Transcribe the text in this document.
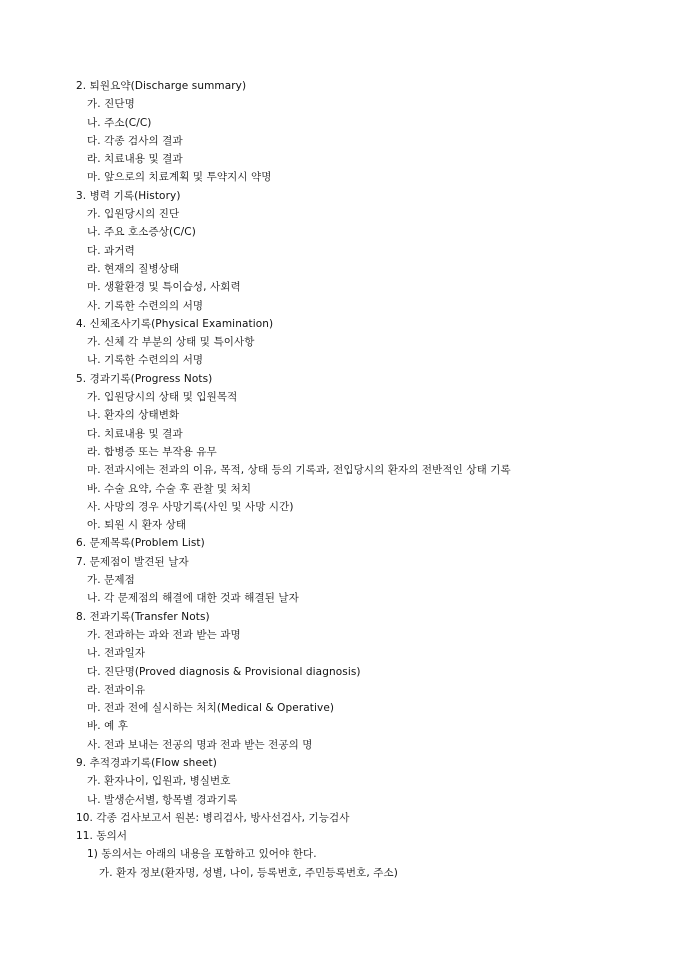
2. 퇴원요약(Discharge summary)
가. 진단명
나. 주소(C/C)
다. 각종 검사의 결과
라. 치료내용 및 결과
마. 앞으로의 치료계획 및 투약지시 약명
3. 병력 기록(History)
가. 입원당시의 진단
나. 주요 호소증상(C/C)
다. 과거력
라. 현재의 질병상태
마. 생활환경 및 특이습성, 사회력
사. 기록한 수련의의 서명
4. 신체조사기록(Physical Examination)
가. 신체 각 부분의 상태 및 특이사항
나. 기록한 수련의의 서명
5. 경과기록(Progress Nots)
가. 입원당시의 상태 및 입원목적
나. 환자의 상태변화
다. 치료내용 및 결과
라. 합병증 또는 부작용 유무
마. 전과시에는 전과의 이유, 목적, 상태 등의 기록과, 전입당시의 환자의 전반적인 상태 기록
바. 수술 요약, 수술 후 관찰 및 처치
사. 사망의 경우 사망기록(사인 및 사망 시간)
아. 퇴원 시 환자 상태
6. 문제목록(Problem List)
7. 문제점이 발견된 날자
가. 문제점
나. 각 문제점의 해결에 대한 것과 해결된 날자
8. 전과기록(Transfer Nots)
가. 전과하는 과와 전과 받는 과명
나. 전과일자
다. 진단명(Proved diagnosis & Provisional diagnosis)
라. 전과이유
마. 전과 전에 실시하는 처치(Medical & Operative)
바. 예 후
사. 전과 보내는 전공의 명과 전과 받는 전공의 명
9. 추적경과기록(Flow sheet)
가. 환자나이, 입원과, 병실번호
나. 발생순서별, 항목별 경과기록
10. 각종 검사보고서 원본: 병리검사, 방사선검사, 기능검사
11. 동의서
1) 동의서는 아래의 내용을 포함하고 있어야 한다.
가. 환자 정보(환자명, 성별, 나이, 등록번호, 주민등록번호, 주소)
